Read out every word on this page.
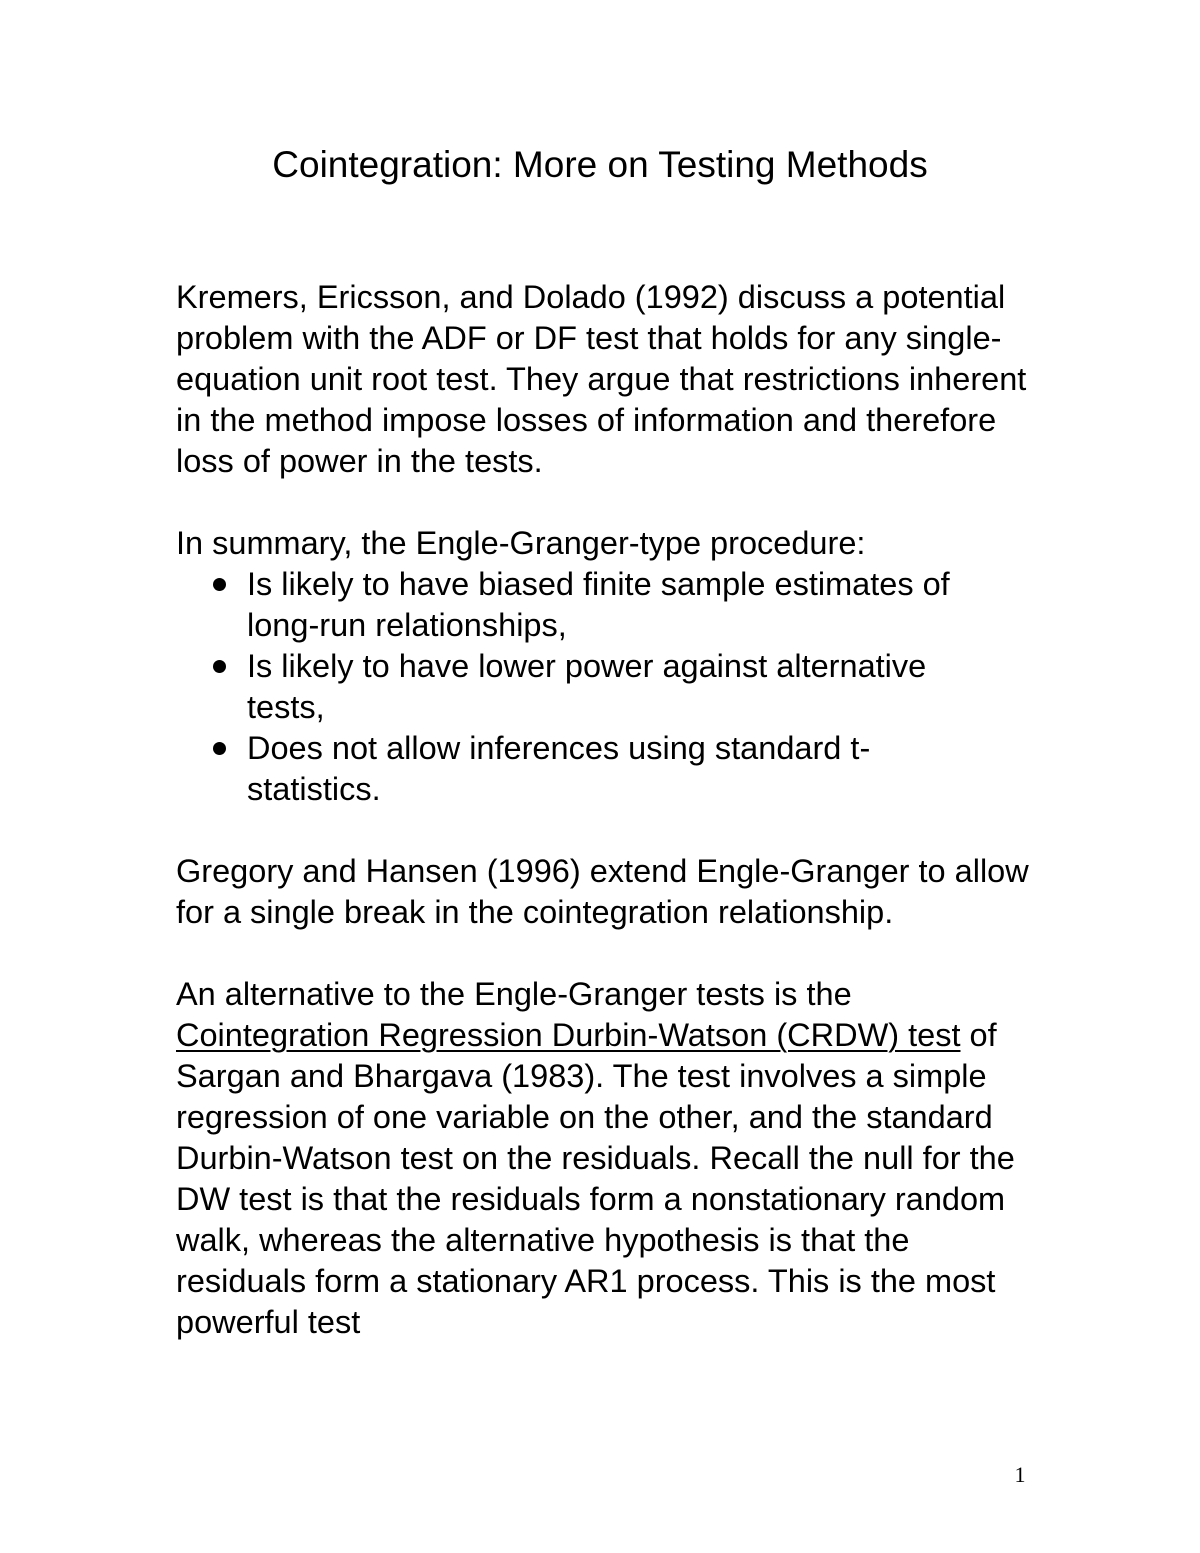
Cointegration: More on Testing Methods

Kremers, Ericsson, and Dolado (1992) discuss a potential problem with the ADF or DF test that holds for any single-equation unit root test. They argue that restrictions inherent in the method impose losses of information and therefore loss of power in the tests.

In summary, the Engle-Granger-type procedure:

Is likely to have biased finite sample estimates of long-run relationships,
Is likely to have lower power against alternative tests,
Does not allow inferences using standard t-statistics.

Gregory and Hansen (1996) extend Engle-Granger to allow for a single break in the cointegration relationship.

An alternative to the Engle-Granger tests is the Cointegration Regression Durbin-Watson (CRDW) test of Sargan and Bhargava (1983). The test involves a simple regression of one variable on the other, and the standard Durbin-Watson test on the residuals. Recall the null for the DW test is that the residuals form a nonstationary random walk, whereas the alternative hypothesis is that the residuals form a stationary AR1 process. This is the most powerful test

1
